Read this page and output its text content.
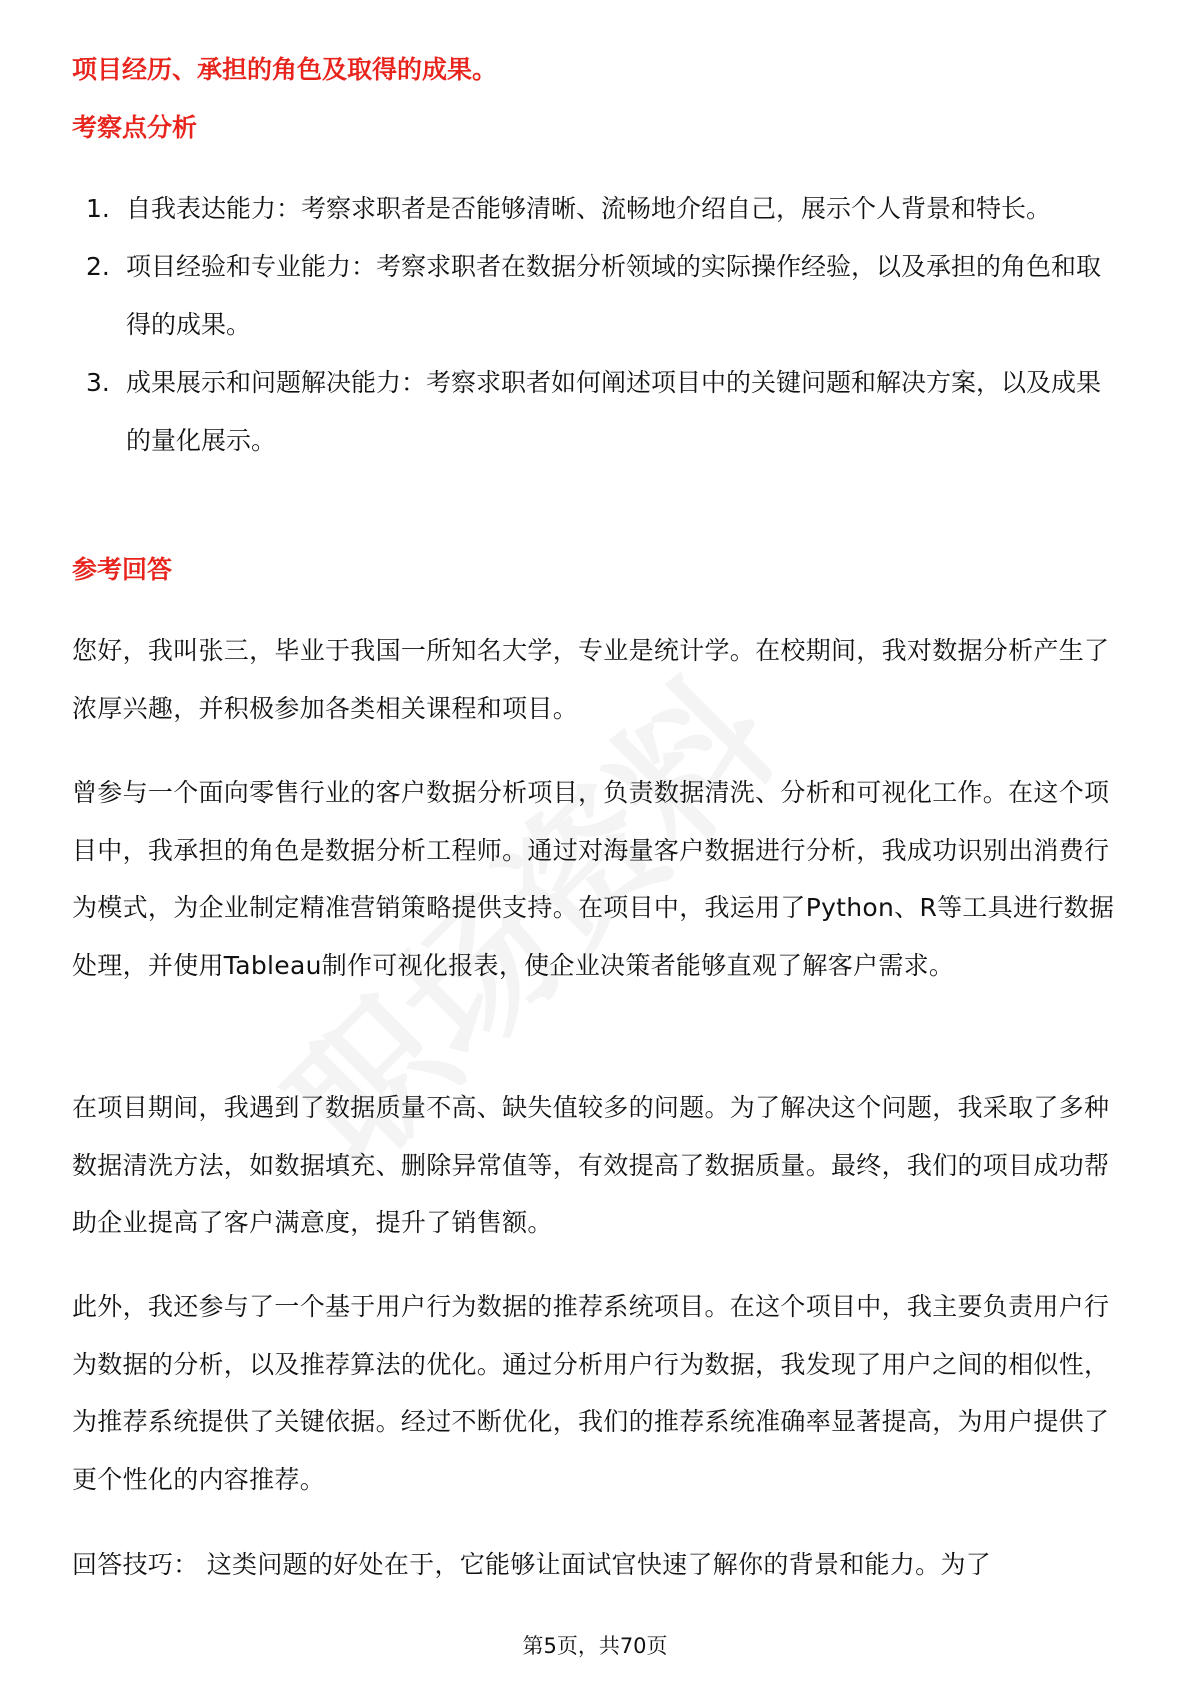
项目经历、承担的角色及取得的成果。

考察点分析

1. 自我表达能力：考察求职者是否能够清晰、流畅地介绍自己，展示个人背景和特长。
2. 项目经验和专业能力：考察求职者在数据分析领域的实际操作经验，以及承担的角色和取得的成果。
3. 成果展示和问题解决能力：考察求职者如何阐述项目中的关键问题和解决方案，以及成果的量化展示。

参考回答

您好，我叫张三，毕业于我国一所知名大学，专业是统计学。在校期间，我对数据分析产生了浓厚兴趣，并积极参加各类相关课程和项目。

曾参与一个面向零售行业的客户数据分析项目，负责数据清洗、分析和可视化工作。在这个项目中，我承担的角色是数据分析工程师。通过对海量客户数据进行分析，我成功识别出消费行为模式，为企业制定精准营销策略提供支持。在项目中，我运用了Python、R等工具进行数据处理，并使用Tableau制作可视化报表，使企业决策者能够直观了解客户需求。

在项目期间，我遇到了数据质量不高、缺失值较多的问题。为了解决这个问题，我采取了多种数据清洗方法，如数据填充、删除异常值等，有效提高了数据质量。最终，我们的项目成功帮助企业提高了客户满意度，提升了销售额。

此外，我还参与了一个基于用户行为数据的推荐系统项目。在这个项目中，我主要负责用户行为数据的分析，以及推荐算法的优化。通过分析用户行为数据，我发现了用户之间的相似性，为推荐系统提供了关键依据。经过不断优化，我们的推荐系统准确率显著提高，为用户提供了更个性化的内容推荐。

回答技巧： 这类问题的好处在于，它能够让面试官快速了解你的背景和能力。为了

第5页，共70页
